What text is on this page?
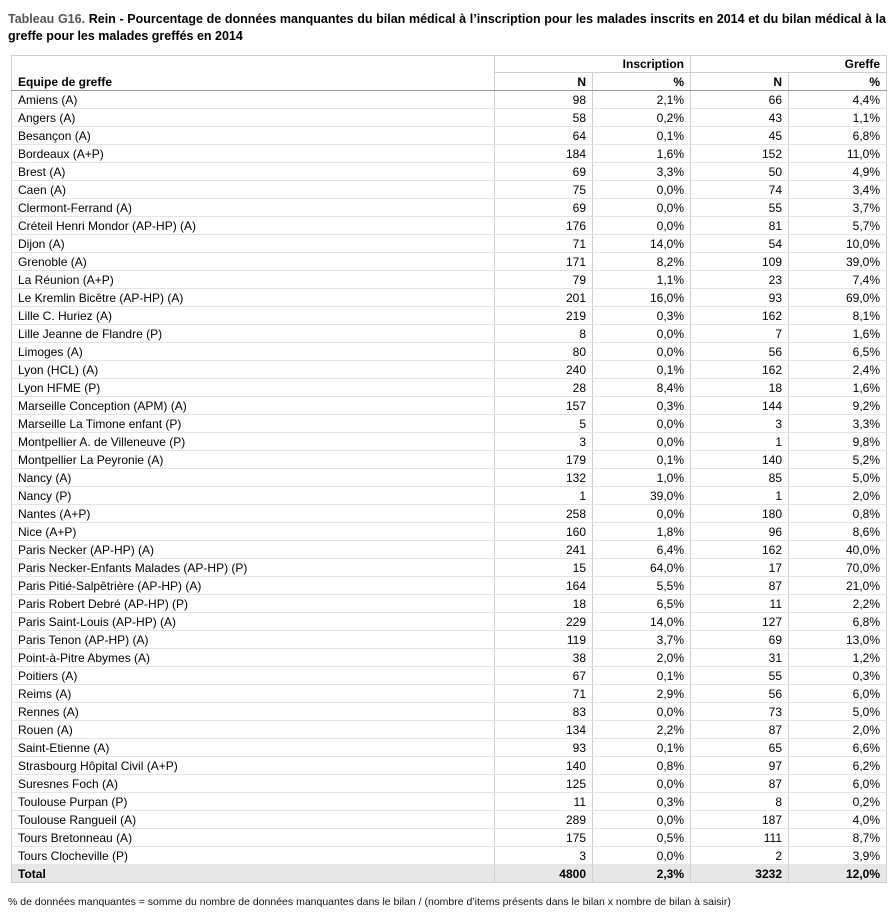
Tableau G16. Rein - Pourcentage de données manquantes du bilan médical à l’inscription pour les malades inscrits en 2014 et du bilan médical à la greffe pour les malades greffés en 2014
Equipe de greffe	Inscription		Greffe	
	N	%	N	%
Amiens (A)	98	2,1%	66	4,4%
Angers (A)	58	0,2%	43	1,1%
Besançon (A)	64	0,1%	45	6,8%
Bordeaux (A+P)	184	1,6%	152	11,0%
Brest (A)	69	3,3%	50	4,9%
Caen (A)	75	0,0%	74	3,4%
Clermont-Ferrand (A)	69	0,0%	55	3,7%
Créteil Henri Mondor (AP-HP) (A)	176	0,0%	81	5,7%
Dijon (A)	71	14,0%	54	10,0%
Grenoble (A)	171	8,2%	109	39,0%
La Réunion (A+P)	79	1,1%	23	7,4%
Le Kremlin Bicêtre (AP-HP) (A)	201	16,0%	93	69,0%
Lille C. Huriez (A)	219	0,3%	162	8,1%
Lille Jeanne de Flandre (P)	8	0,0%	7	1,6%
Limoges (A)	80	0,0%	56	6,5%
Lyon (HCL) (A)	240	0,1%	162	2,4%
Lyon HFME (P)	28	8,4%	18	1,6%
Marseille Conception (APM) (A)	157	0,3%	144	9,2%
Marseille La Timone enfant (P)	5	0,0%	3	3,3%
Montpellier A. de Villeneuve (P)	3	0,0%	1	9,8%
Montpellier La Peyronie (A)	179	0,1%	140	5,2%
Nancy (A)	132	1,0%	85	5,0%
Nancy (P)	1	39,0%	1	2,0%
Nantes (A+P)	258	0,0%	180	0,8%
Nice (A+P)	160	1,8%	96	8,6%
Paris Necker (AP-HP) (A)	241	6,4%	162	40,0%
Paris Necker-Enfants Malades (AP-HP) (P)	15	64,0%	17	70,0%
Paris Pitié-Salpêtrière (AP-HP) (A)	164	5,5%	87	21,0%
Paris Robert Debré (AP-HP) (P)	18	6,5%	11	2,2%
Paris Saint-Louis (AP-HP) (A)	229	14,0%	127	6,8%
Paris Tenon (AP-HP) (A)	119	3,7%	69	13,0%
Point-à-Pitre Abymes (A)	38	2,0%	31	1,2%
Poitiers (A)	67	0,1%	55	0,3%
Reims (A)	71	2,9%	56	6,0%
Rennes (A)	83	0,0%	73	5,0%
Rouen (A)	134	2,2%	87	2,0%
Saint-Etienne (A)	93	0,1%	65	6,6%
Strasbourg Hôpital Civil (A+P)	140	0,8%	97	6,2%
Suresnes Foch (A)	125	0,0%	87	6,0%
Toulouse Purpan (P)	11	0,3%	8	0,2%
Toulouse Rangueil (A)	289	0,0%	187	4,0%
Tours Bretonneau (A)	175	0,5%	111	8,7%
Tours Clocheville (P)	3	0,0%	2	3,9%
Total	4800	2,3%	3232	12,0%
% de données manquantes = somme du nombre de données manquantes dans le bilan / (nombre d’items présents dans le bilan x nombre de bilan à saisir)
